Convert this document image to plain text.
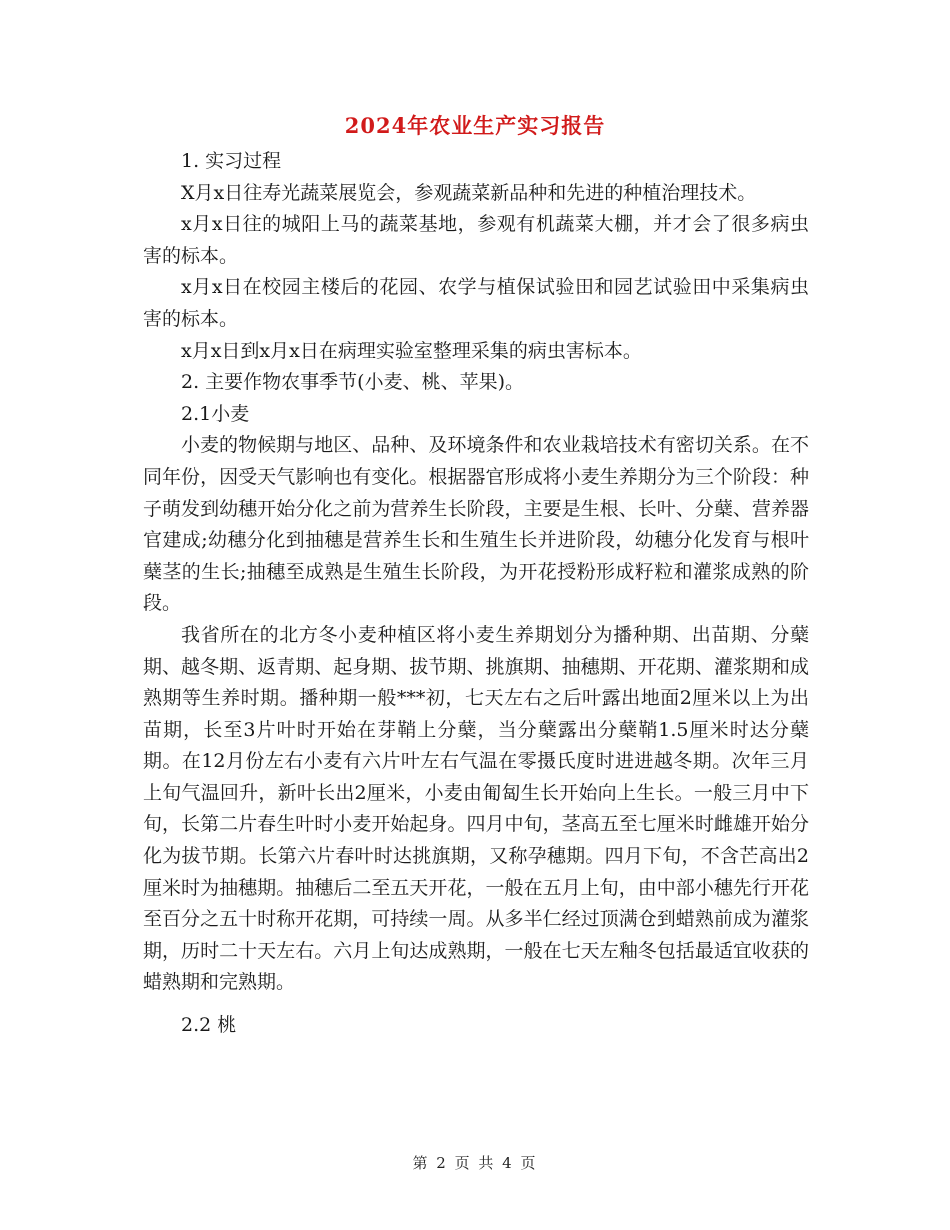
2024年农业生产实习报告

1. 实习过程

X月x日往寿光蔬菜展览会，参观蔬菜新品种和先进的种植治理技术。

x月x日往的城阳上马的蔬菜基地，参观有机蔬菜大棚，并才会了很多病虫害的标本。

x月x日在校园主楼后的花园、农学与植保试验田和园艺试验田中采集病虫害的标本。

x月x日到x月x日在病理实验室整理采集的病虫害标本。

2. 主要作物农事季节(小麦、桃、苹果)。

2.1小麦

小麦的物候期与地区、品种、及环境条件和农业栽培技术有密切关系。在不同年份，因受天气影响也有变化。根据器官形成将小麦生养期分为三个阶段：种子萌发到幼穗开始分化之前为营养生长阶段，主要是生根、长叶、分蘖、营养器官建成;幼穗分化到抽穗是营养生长和生殖生长并进阶段，幼穗分化发育与根叶蘖茎的生长;抽穗至成熟是生殖生长阶段，为开花授粉形成籽粒和灌浆成熟的阶段。

我省所在的北方冬小麦种植区将小麦生养期划分为播种期、出苗期、分蘖期、越冬期、返青期、起身期、拔节期、挑旗期、抽穗期、开花期、灌浆期和成熟期等生养时期。播种期一般***初，七天左右之后叶露出地面2厘米以上为出苗期，长至3片叶时开始在芽鞘上分蘖，当分蘖露出分蘖鞘1.5厘米时达分蘖期。在12月份左右小麦有六片叶左右气温在零摄氏度时进进越冬期。次年三月上旬气温回升，新叶长出2厘米，小麦由匍匐生长开始向上生长。一般三月中下旬，长第二片春生叶时小麦开始起身。四月中旬，茎高五至七厘米时雌雄开始分化为拔节期。长第六片春叶时达挑旗期，又称孕穗期。四月下旬，不含芒高出2厘米时为抽穗期。抽穗后二至五天开花，一般在五月上旬，由中部小穗先行开花至百分之五十时称开花期，可持续一周。从多半仁经过顶满仓到蜡熟前成为灌浆期，历时二十天左右。六月上旬达成熟期，一般在七天左釉冬包括最适宜收获的蜡熟期和完熟期。

2.2 桃

第 2 页 共 4 页
